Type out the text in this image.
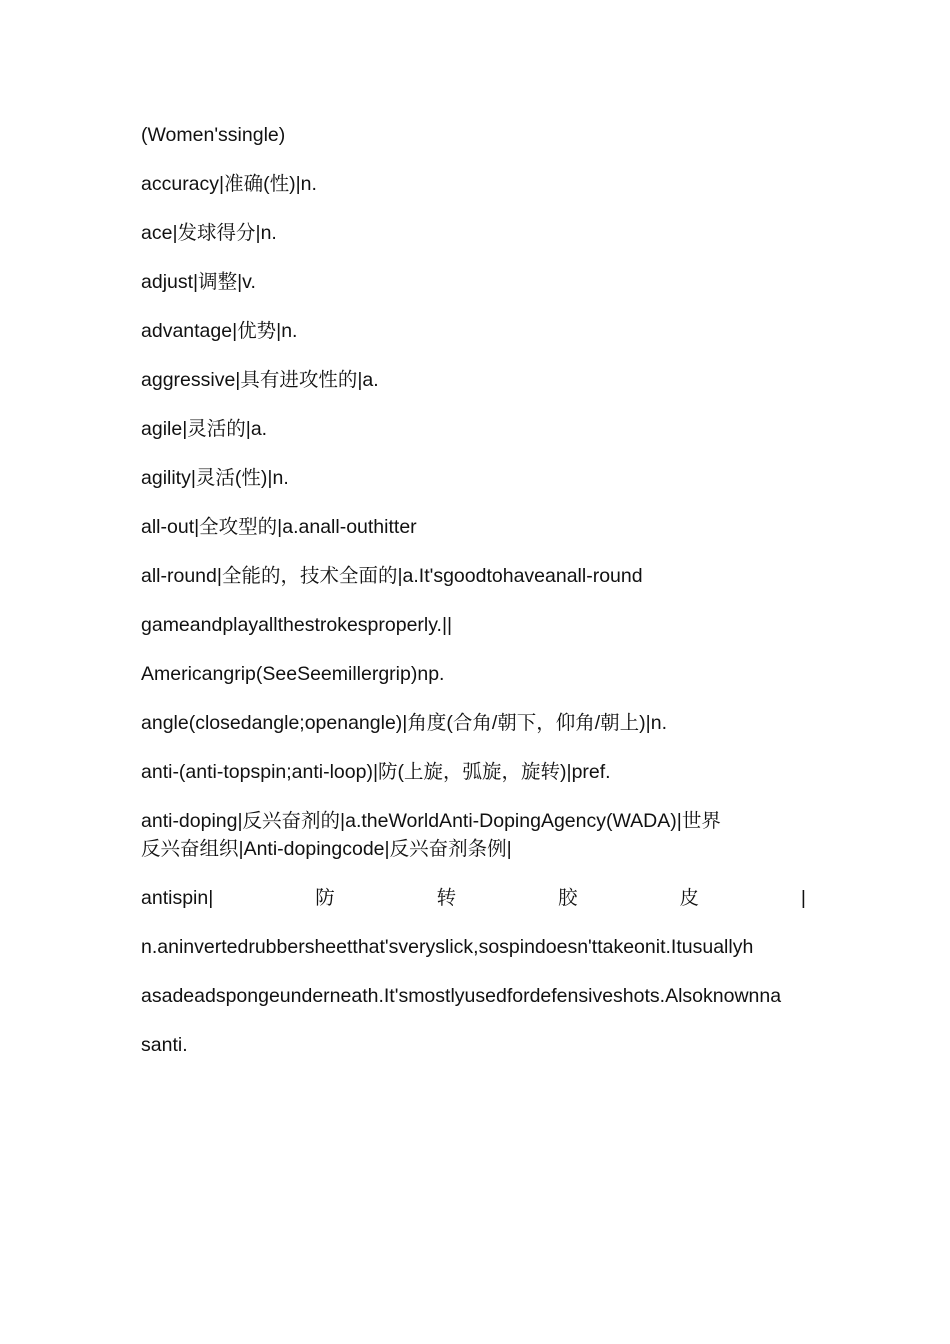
(Women'ssingle)
accuracy|准确(性)|n.
ace|发球得分|n.
adjust|调整|v.
advantage|优势|n.
aggressive|具有进攻性的|a.
agile|灵活的|a.
agility|灵活(性)|n.
all-out|全攻型的|a.anall-outhitter
all-round|全能的，技术全面的|a.It'sgoodtohaveanall-round
gameandplayallthestrokesproperly.||
Americangrip(SeeSeemillergrip)np.
angle(closedangle;openangle)|角度(合角/朝下，仰角/朝上)|n.
anti-(anti-topspin;anti-loop)|防(上旋，弧旋，旋转)|pref.
anti-doping|反兴奋剂的|a.theWorldAnti-DopingAgency(WADA)|世界
反兴奋组织|Anti-dopingcode|反兴奋剂条例|
antispin|	防	转	胶	皮	|
n.aninvertedrubbersheetthat'sveryslick,sospindoesn'ttakeonit.Itusuallyh
asadeadspongeunderneath.It'smostlyusedfordefensiveshots.Alsoknownna
santi.
